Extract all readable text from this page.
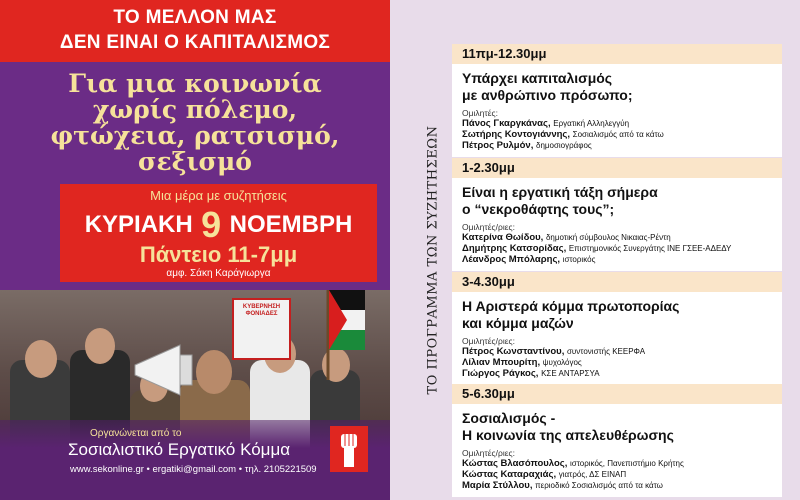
ΤΟ ΜΕΛΛΟΝ ΜΑΣ
ΔΕΝ ΕΙΝΑΙ Ο ΚΑΠΙΤΑΛΙΣΜΟΣ
Για μια κοινωνία
χωρίς πόλεμο,
φτώχεια, ρατσισμό,
σεξισμό
Μια μέρα με συζητήσεις
ΚΥΡΙΑΚΗ 9 ΝΟΕΜΒΡΗ
Πάντειο 11-7μμ
αμφ. Σάκη Καράγιωργα
ΚΥΒΕΡΝΗΣΗ ΦΟΝΙΑΔΕΣ
Οργανώνεται από το
Σοσιαλιστικό Εργατικό Κόμμα
www.sekonline.gr • ergatiki@gmail.com • τηλ. 2105221509
ΤΟ ΠΡΟΓΡΑΜΜΑ ΤΩΝ ΣΥΖΗΤΗΣΕΩΝ
11πμ-12.30μμ
Υπάρχει καπιταλισμός
με ανθρώπινο πρόσωπο;
Ομιλητές:
Πάνος Γκαργκάνας, Εργατική Αλληλεγγύη
Σωτήρης Κοντογιάννης, Σοσιαλισμός από τα κάτω
Πέτρος Ρυλμόν, δημοσιογράφος
1-2.30μμ
Είναι η εργατική τάξη σήμερα
ο “νεκροθάφτης τους”;
Ομιλητές/ριες:
Κατερίνα Θωίδου, δημοτική σύμβουλος Νικαιας-Ρέντη
Δημήτρης Κατσορίδας, Επιστημονικός Συνεργάτης ΙΝΕ ΓΣΕΕ-ΑΔΕΔΥ
Λέανδρος Μπόλαρης, ιστορικός
3-4.30μμ
Η Αριστερά κόμμα πρωτοπορίας
και κόμμα μαζών
Ομιλητές/ριες:
Πέτρος Κωνσταντίνου, συντονιστής ΚΕΕΡΦΑ
Λίλιαν Μπουρίτη, ψυχολόγος
Γιώργος Ράγκος, ΚΣΕ ΑΝΤΑΡΣΥΑ
5-6.30μμ
Σοσιαλισμός -
Η κοινωνία της απελευθέρωσης
Ομιλητές/ριες:
Κώστας Βλασόπουλος, ιστορικός, Πανεπιστήμιο Κρήτης
Κώστας Καταραχιάς, γιατρός, ΔΣ ΕΙΝΑΠ
Μαρία Στύλλου, περιοδικό Σοσιαλισμός από τα κάτω
